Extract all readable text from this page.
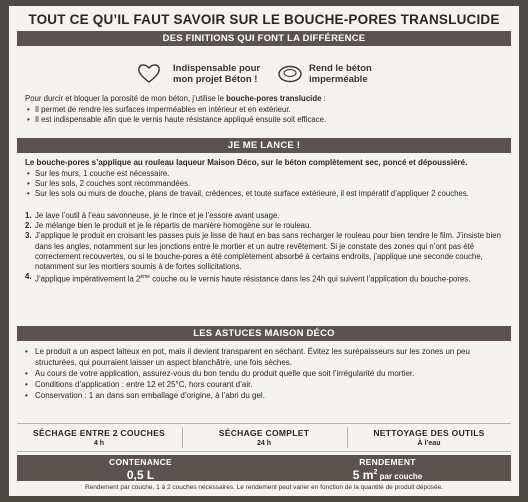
TOUT CE QU’IL FAUT SAVOIR SUR LE BOUCHE-PORES TRANSLUCIDE
DES FINITIONS QUI FONT LA DIFFÉRENCE
Indispensable pour
mon projet Béton !
Rend le béton
imperméable
Pour durcir et bloquer la porosité de mon béton, j’utilise le bouche-pores translucide :
• Il permet de rendre les surfaces imperméables en intérieur et en extérieur.
• Il est indispensable afin que le vernis haute résistance appliqué ensuite soit efficace.
JE ME LANCE !
Le bouche-pores s’applique au rouleau laqueur Maison Déco, sur le béton complètement sec, poncé et dépoussiéré.
• Sur les murs, 1 couche est nécessaire.
• Sur les sols, 2 couches sont recommandées.
• Sur les sols ou murs de douche, plans de travail, crédences, et toute surface extérieure, il est impératif d’appliquer 2 couches.
1. Je lave l’outil à l’eau savonneuse, je le rince et je l’essore avant usage.
2. Je mélange bien le produit et je le répartis de manière homogène sur le rouleau.
3. J’applique le produit en croisant les passes puis je lisse de haut en bas sans recharger le rouleau pour bien tendre le film. J’insiste bien dans les angles, notamment sur les jonctions entre le mortier et un autre revêtement. Si je constate des zones qui n’ont pas été correctement recouvertes, ou si le bouche-pores a été complètement absorbé à certains endroits, j’applique une seconde couche, notamment sur les mortiers soumis à de fortes sollicitations.
4. J’applique impérativement la 2ème couche ou le vernis haute résistance dans les 24h qui suivent l’application du bouche-pores.
LES ASTUCES MAISON DÉCO
• Le produit a un aspect laiteux en pot, mais il devient transparent en séchant. Évitez les surépaisseurs sur les zones un peu structurées, qui pourraient laisser un aspect blanchâtre, une fois sèches.
• Au cours de votre application, assurez-vous du bon tendu du produit quelle que soit l’irrégularité du mortier.
• Conditions d’application : entre 12 et 25°C, hors courant d’air.
• Conservation : 1 an dans son emballage d’origine, à l’abri du gel.
SÉCHAGE ENTRE 2 COUCHES
4 h
SÉCHAGE COMPLET
24 h
NETTOYAGE DES OUTILS
À l’eau
CONTENANCE
0,5 L
RENDEMENT
5 $m^2$ par couche
Rendement par couche, 1 à 2 couches nécessaires. Le rendement peut varier en fonction de la quantité de produit déposée.
